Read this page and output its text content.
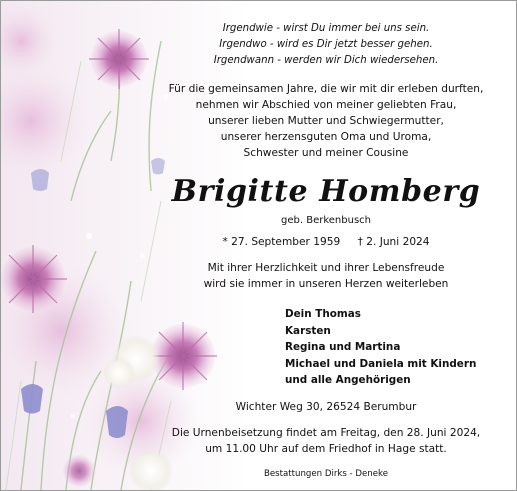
Irgendwie - wirst Du immer bei uns sein.
Irgendwo - wird es Dir jetzt besser gehen.
Irgendwann - werden wir Dich wiedersehen.
Für die gemeinsamen Jahre, die wir mit dir erleben durften,
nehmen wir Abschied von meiner geliebten Frau,
unserer lieben Mutter und Schwiegermutter,
unserer herzensguten Oma und Uroma,
Schwester und meiner Cousine
Brigitte Homberg
geb. Berkenbusch
* 27. September 1959 † 2. Juni 2024
Mit ihrer Herzlichkeit und ihrer Lebensfreude
wird sie immer in unseren Herzen weiterleben
Dein Thomas
Karsten
Regina und Martina
Michael und Daniela mit Kindern
und alle Angehörigen
Wichter Weg 30, 26524 Berumbur
Die Urnenbeisetzung findet am Freitag, den 28. Juni 2024,
um 11.00 Uhr auf dem Friedhof in Hage statt.
Bestattungen Dirks - Deneke
